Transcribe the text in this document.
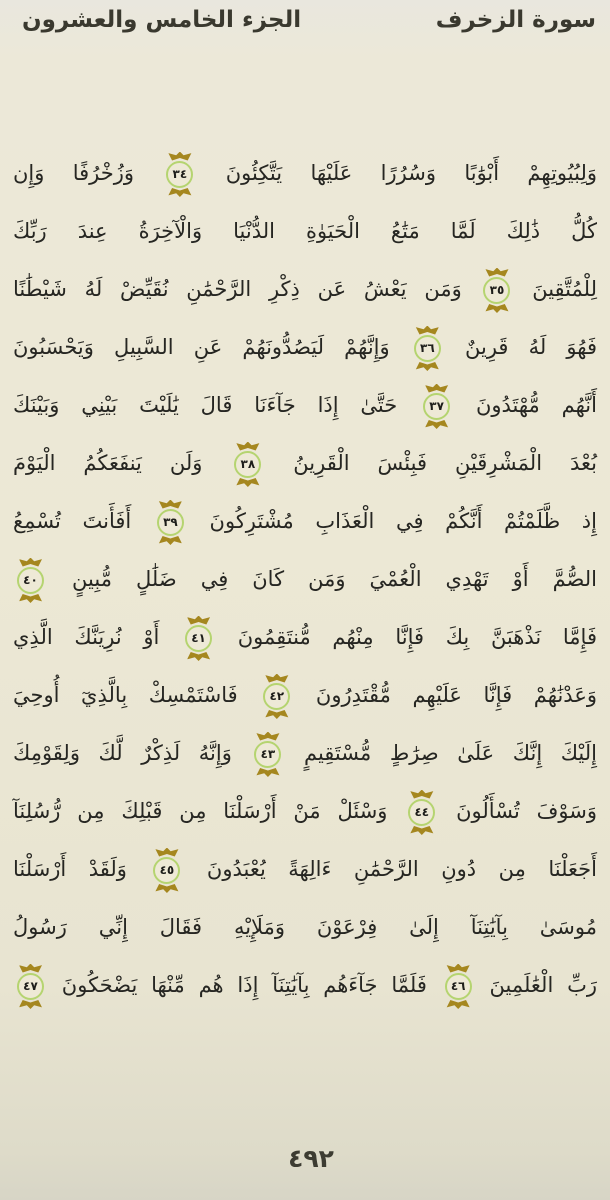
سورة الزخرف
الجزء الخامس والعشرون
وَلِبُيُوتِهِمْ أَبْوَٰبًا وَسُرُرًا عَلَيْهَا يَتَّكِئُونَ
٣٤
وَزُخْرُفًا وَإِن
كُلُّ ذَٰلِكَ لَمَّا مَتَٰعُ الْحَيَوٰةِ الدُّنْيَا وَالْآخِرَةُ عِندَ رَبِّكَ
لِلْمُتَّقِينَ
٣٥
وَمَن يَعْشُ عَن ذِكْرِ الرَّحْمَٰنِ نُقَيِّضْ لَهُ شَيْطَٰنًا
فَهُوَ لَهُ قَرِينٌ
٣٦
وَإِنَّهُمْ لَيَصُدُّونَهُمْ عَنِ السَّبِيلِ وَيَحْسَبُونَ
أَنَّهُم مُّهْتَدُونَ
٣٧
حَتَّىٰ إِذَا جَآءَنَا قَالَ يَٰلَيْتَ بَيْنِي وَبَيْنَكَ
بُعْدَ الْمَشْرِقَيْنِ فَبِئْسَ الْقَرِينُ
٣٨
وَلَن يَنفَعَكُمُ الْيَوْمَ
إِذ ظَّلَمْتُمْ أَنَّكُمْ فِي الْعَذَابِ مُشْتَرِكُونَ
٣٩
أَفَأَنتَ تُسْمِعُ
الصُّمَّ أَوْ تَهْدِي الْعُمْيَ وَمَن كَانَ فِي ضَلَٰلٍ مُّبِينٍ
٤٠
فَإِمَّا نَذْهَبَنَّ بِكَ فَإِنَّا مِنْهُم مُّنتَقِمُونَ
٤١
أَوْ نُرِيَنَّكَ الَّذِي
وَعَدْنَٰهُمْ فَإِنَّا عَلَيْهِم مُّقْتَدِرُونَ
٤٢
فَاسْتَمْسِكْ بِالَّذِيٓ أُوحِيَ
إِلَيْكَ إِنَّكَ عَلَىٰ صِرَٰطٍ مُّسْتَقِيمٍ
٤٣
وَإِنَّهُ لَذِكْرٌ لَّكَ وَلِقَوْمِكَ
وَسَوْفَ تُسْأَلُونَ
٤٤
وَسْئَلْ مَنْ أَرْسَلْنَا مِن قَبْلِكَ مِن رُّسُلِنَآ
أَجَعَلْنَا مِن دُونِ الرَّحْمَٰنِ ءَالِهَةً يُعْبَدُونَ
٤٥
وَلَقَدْ أَرْسَلْنَا
مُوسَىٰ بِآيَٰتِنَآ إِلَىٰ فِرْعَوْنَ وَمَلَإِيْهِ فَقَالَ إِنِّي رَسُولُ
رَبِّ الْعَٰلَمِينَ
٤٦
فَلَمَّا جَآءَهُم بِآيَٰتِنَآ إِذَا هُم مِّنْهَا يَضْحَكُونَ
٤٧
٤٩٢
